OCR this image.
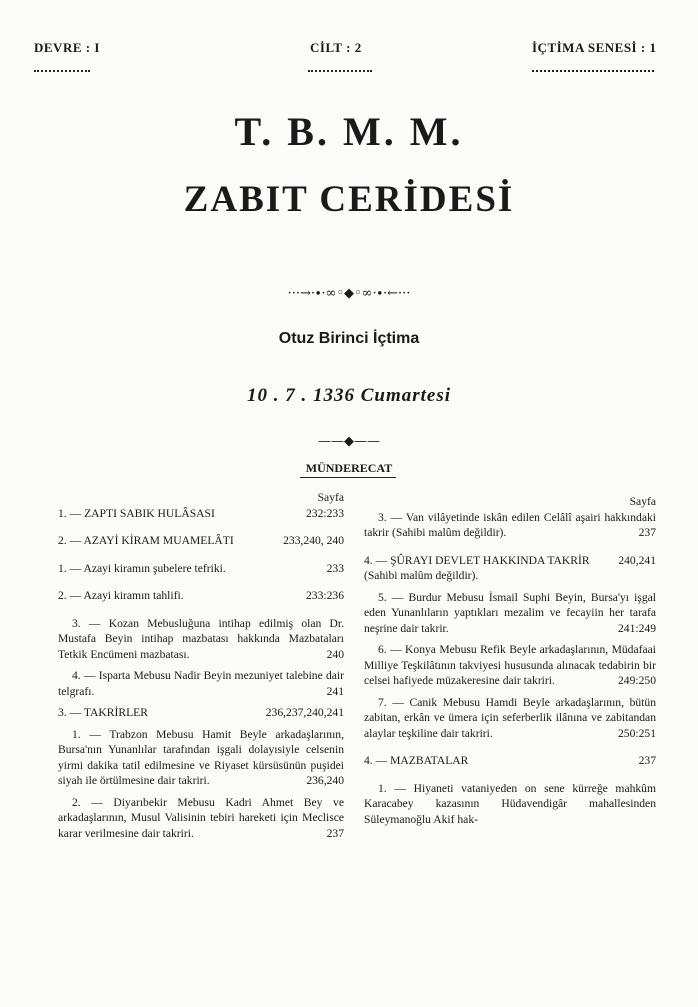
DEVRE : I	CİLT : 2	İÇTİMA SENESİ : 1
T. B. M. M.
ZABIT CERİDESİ
···→·∙·∞◦◆◦∞·∙·←···
Otuz Birinci İçtima
10 . 7 . 1336 Cumartesi
——◆——
MÜNDERECAT
Sayfa

1. — ZAPTI SABIK HULÂSASI	232:233

2. — AZAYİ KİRAM MUAMELÂTI	233,240, 240

1. — Azayi kiramın şubelere tefriki.	233

2. — Azayi kiramın tahlifi.	233:236

3. — Kozan Mebusluğuna intihap edilmiş olan Dr. Mustafa Beyin intihap mazbatası hakkında Mazbataları Tetkik Encümeni mazbatası.	240

4. — Isparta Mebusu Nadir Beyin mezuniyet talebine dair telgrafı.	241

3. — TAKRİRLER	236,237,240,241

1. — Trabzon Mebusu Hamit Beyle arkadaşlarının, Bursa'nın Yunanlılar tarafından işgali dolayısiyle celsenin yirmi dakika tatil edilmesine ve Riyaset kürsüsünün puşidei siyah ile örtülmesine dair takriri.	236,240

2. — Diyarıbekir Mebusu Kadri Ahmet Bey ve arkadaşlarının, Musul Valisinin tebiri hareketi için Meclisce karar verilmesine dair takriri.	237

Sayfa

3. — Van vilâyetinde iskân edilen Celâlî aşairi hakkındaki takrir (Sahibi malûm değildir).	237

4. — ŞÛRAYI DEVLET HAKKINDA TAKRİR	240,241

(Sahibi malûm değildir).

5. — Burdur Mebusu İsmail Suphi Beyin, Bursa'yı işgal eden Yunanlıların yaptıkları mezalim ve fecayiin her tarafa neşrine dair takrir.	241:249

6. — Konya Mebusu Refik Beyle arkadaşlarının, Müdafaai Milliye Teşkilâtının takviyesi hususunda alınacak tedabirin bir celsei hafiyede müzakeresine dair takriri.	249:250

7. — Canik Mebusu Hamdi Beyle arkadaşlarının, bütün zabitan, erkân ve ümera için seferberlik ilânına ve zabitandan alaylar teşkiline dair takriri.	250:251

4. — MAZBATALAR	237

1. — Hiyaneti vataniyeden on sene kürreğe mahkûm Karacabey kazasının Hüdavendigâr mahallesinden Süleymanoğlu Akif hak-
